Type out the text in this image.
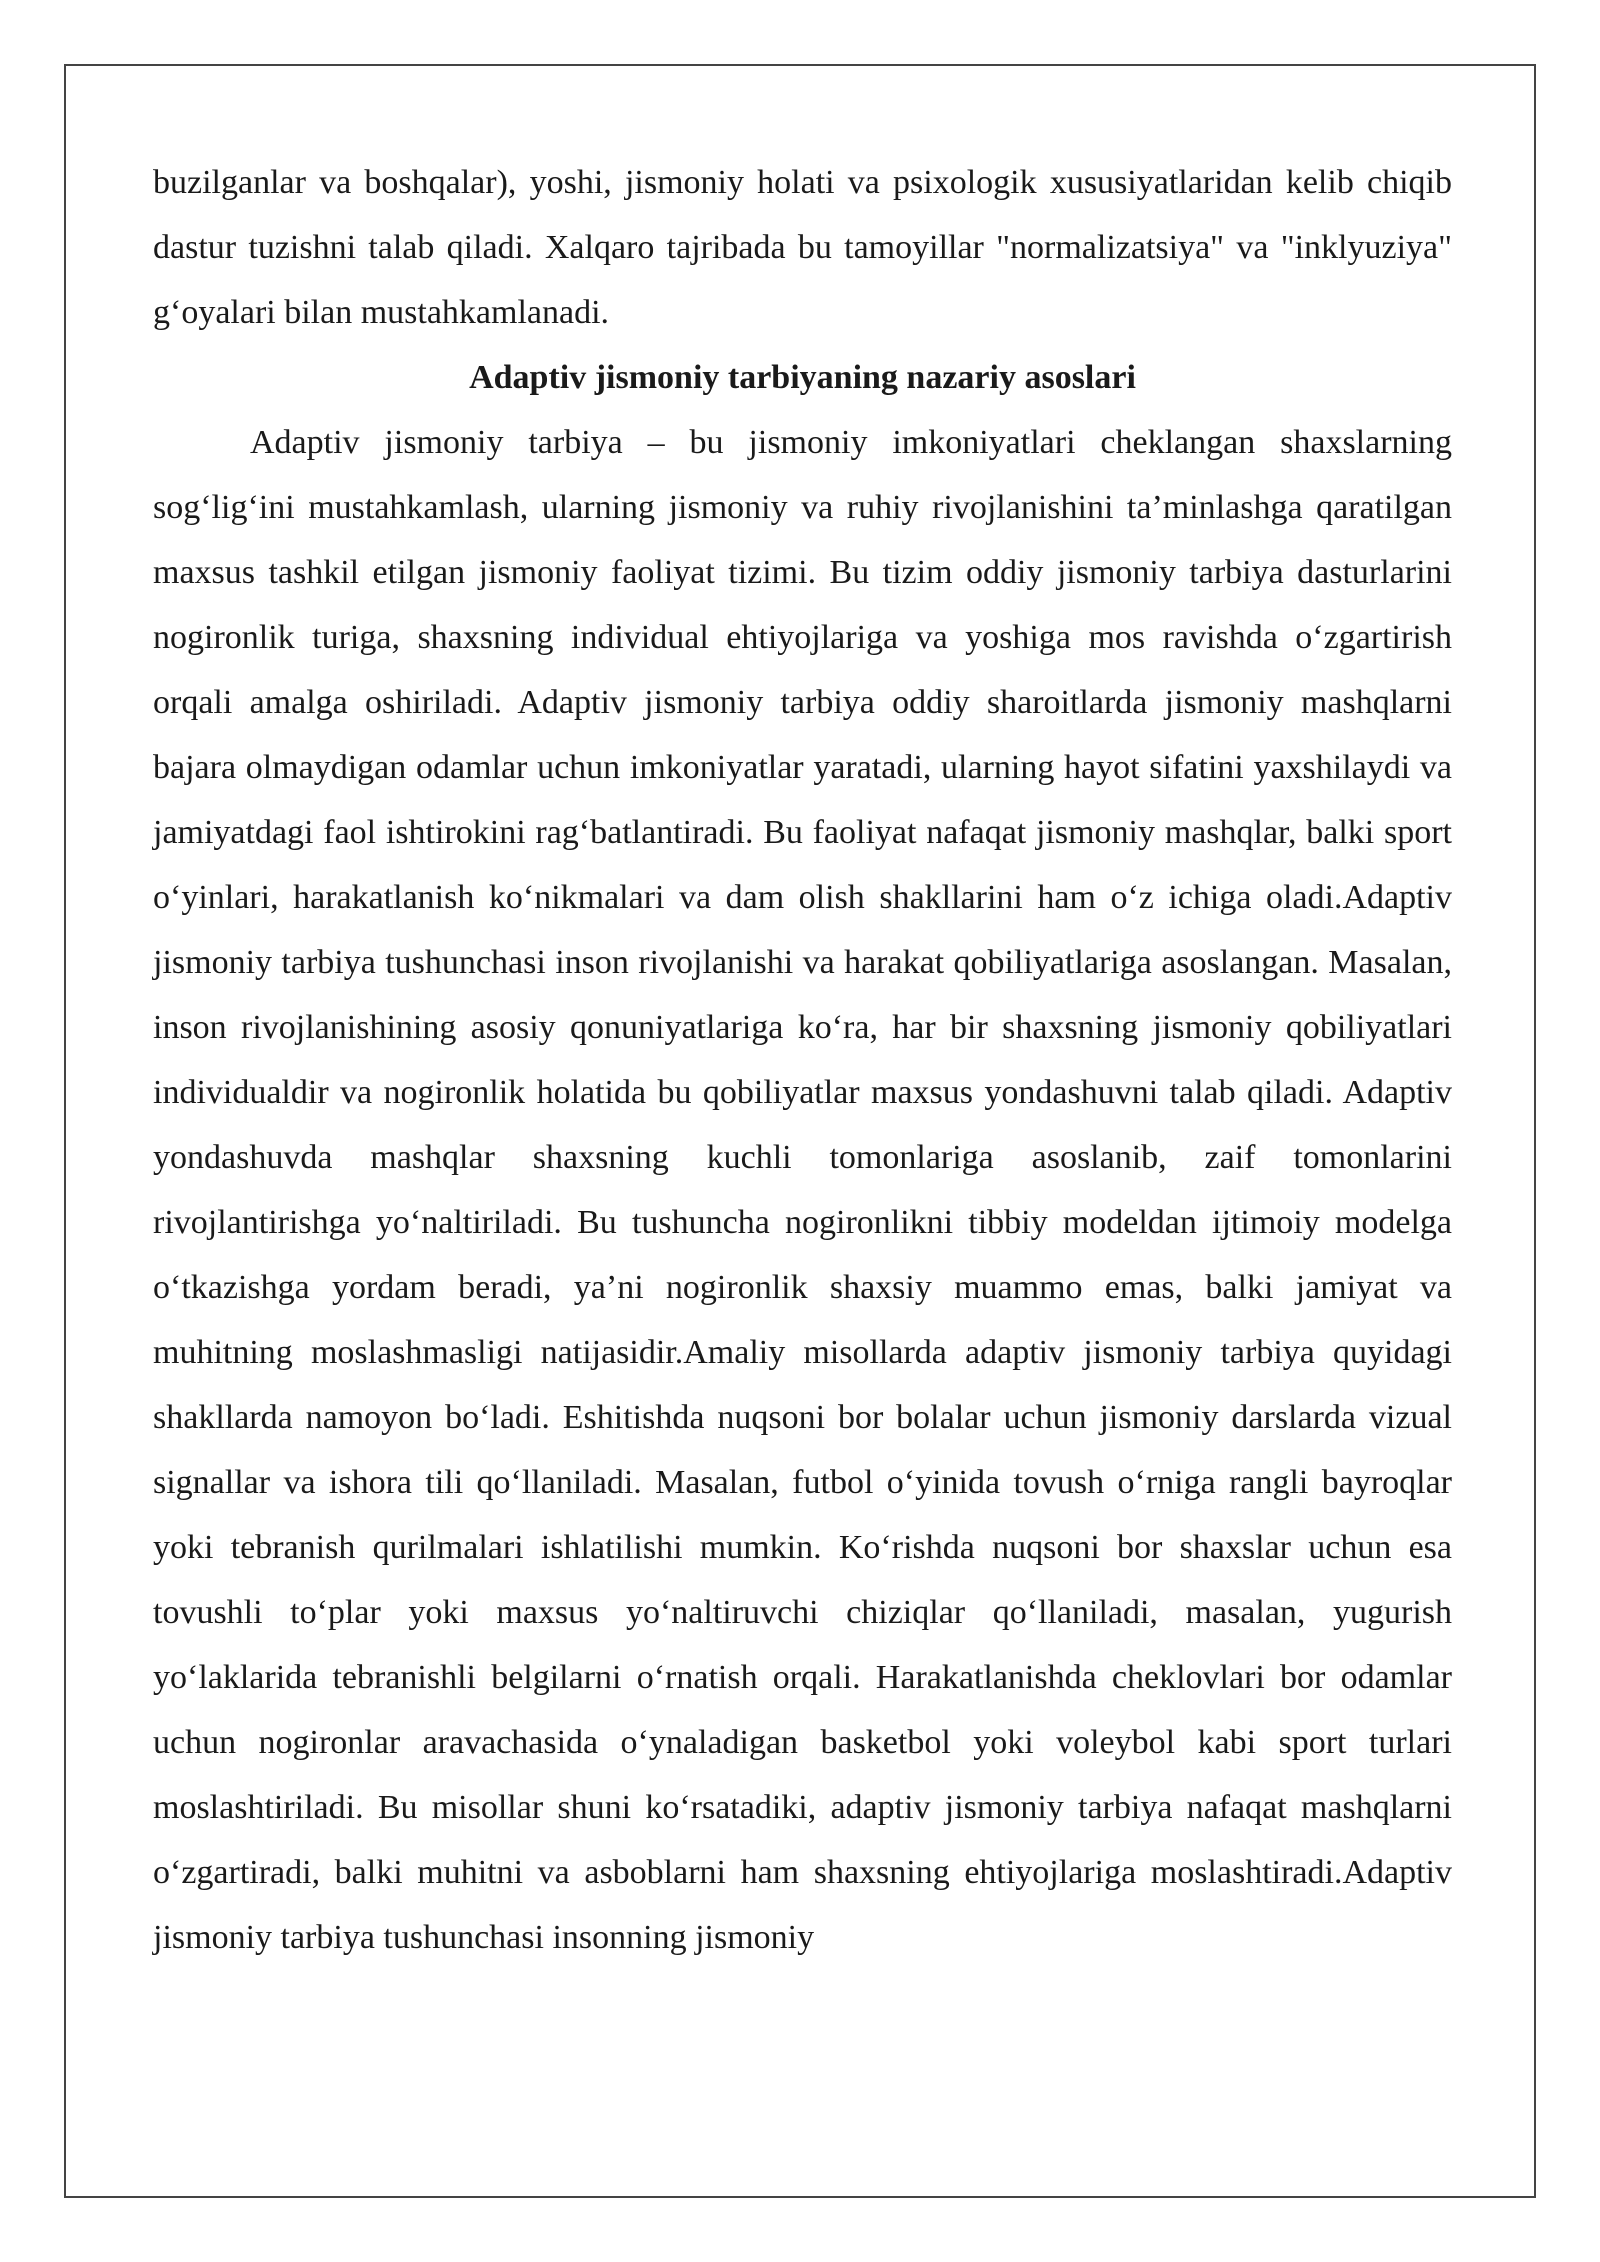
buzilganlar va boshqalar), yoshi, jismoniy holati va psixologik xususiyatlaridan kelib chiqib dastur tuzishni talab qiladi. Xalqaro tajribada bu tamoyillar "normalizatsiya" va "inklyuziya" g‘oyalari bilan mustahkamlanadi.

Adaptiv jismoniy tarbiyaning nazariy asoslari

Adaptiv jismoniy tarbiya – bu jismoniy imkoniyatlari cheklangan shaxslarning sog‘lig‘ini mustahkamlash, ularning jismoniy va ruhiy rivojlanishini ta’minlashga qaratilgan maxsus tashkil etilgan jismoniy faoliyat tizimi. Bu tizim oddiy jismoniy tarbiya dasturlarini nogironlik turiga, shaxsning individual ehtiyojlariga va yoshiga mos ravishda o‘zgartirish orqali amalga oshiriladi. Adaptiv jismoniy tarbiya oddiy sharoitlarda jismoniy mashqlarni bajara olmaydigan odamlar uchun imkoniyatlar yaratadi, ularning hayot sifatini yaxshilaydi va jamiyatdagi faol ishtirokini rag‘batlantiradi. Bu faoliyat nafaqat jismoniy mashqlar, balki sport o‘yinlari, harakatlanish ko‘nikmalari va dam olish shakllarini ham o‘z ichiga oladi.Adaptiv jismoniy tarbiya tushunchasi inson rivojlanishi va harakat qobiliyatlariga asoslangan. Masalan, inson rivojlanishining asosiy qonuniyatlariga ko‘ra, har bir shaxsning jismoniy qobiliyatlari individualdir va nogironlik holatida bu qobiliyatlar maxsus yondashuvni talab qiladi. Adaptiv yondashuvda mashqlar shaxsning kuchli tomonlariga asoslanib, zaif tomonlarini rivojlantirishga yo‘naltiriladi. Bu tushuncha nogironlikni tibbiy modeldan ijtimoiy modelga o‘tkazishga yordam beradi, ya’ni nogironlik shaxsiy muammo emas, balki jamiyat va muhitning moslashmasligi natijasidir.Amaliy misollarda adaptiv jismoniy tarbiya quyidagi shakllarda namoyon bo‘ladi. Eshitishda nuqsoni bor bolalar uchun jismoniy darslarda vizual signallar va ishora tili qo‘llaniladi. Masalan, futbol o‘yinida tovush o‘rniga rangli bayroqlar yoki tebranish qurilmalari ishlatilishi mumkin. Ko‘rishda nuqsoni bor shaxslar uchun esa tovushli to‘plar yoki maxsus yo‘naltiruvchi chiziqlar qo‘llaniladi, masalan, yugurish yo‘laklarida tebranishli belgilarni o‘rnatish orqali. Harakatlanishda cheklovlari bor odamlar uchun nogironlar aravachasida o‘ynaladigan basketbol yoki voleybol kabi sport turlari moslashtiriladi. Bu misollar shuni ko‘rsatadiki, adaptiv jismoniy tarbiya nafaqat mashqlarni o‘zgartiradi, balki muhitni va asboblarni ham shaxsning ehtiyojlariga moslashtiradi.Adaptiv jismoniy tarbiya tushunchasi insonning jismoniy
